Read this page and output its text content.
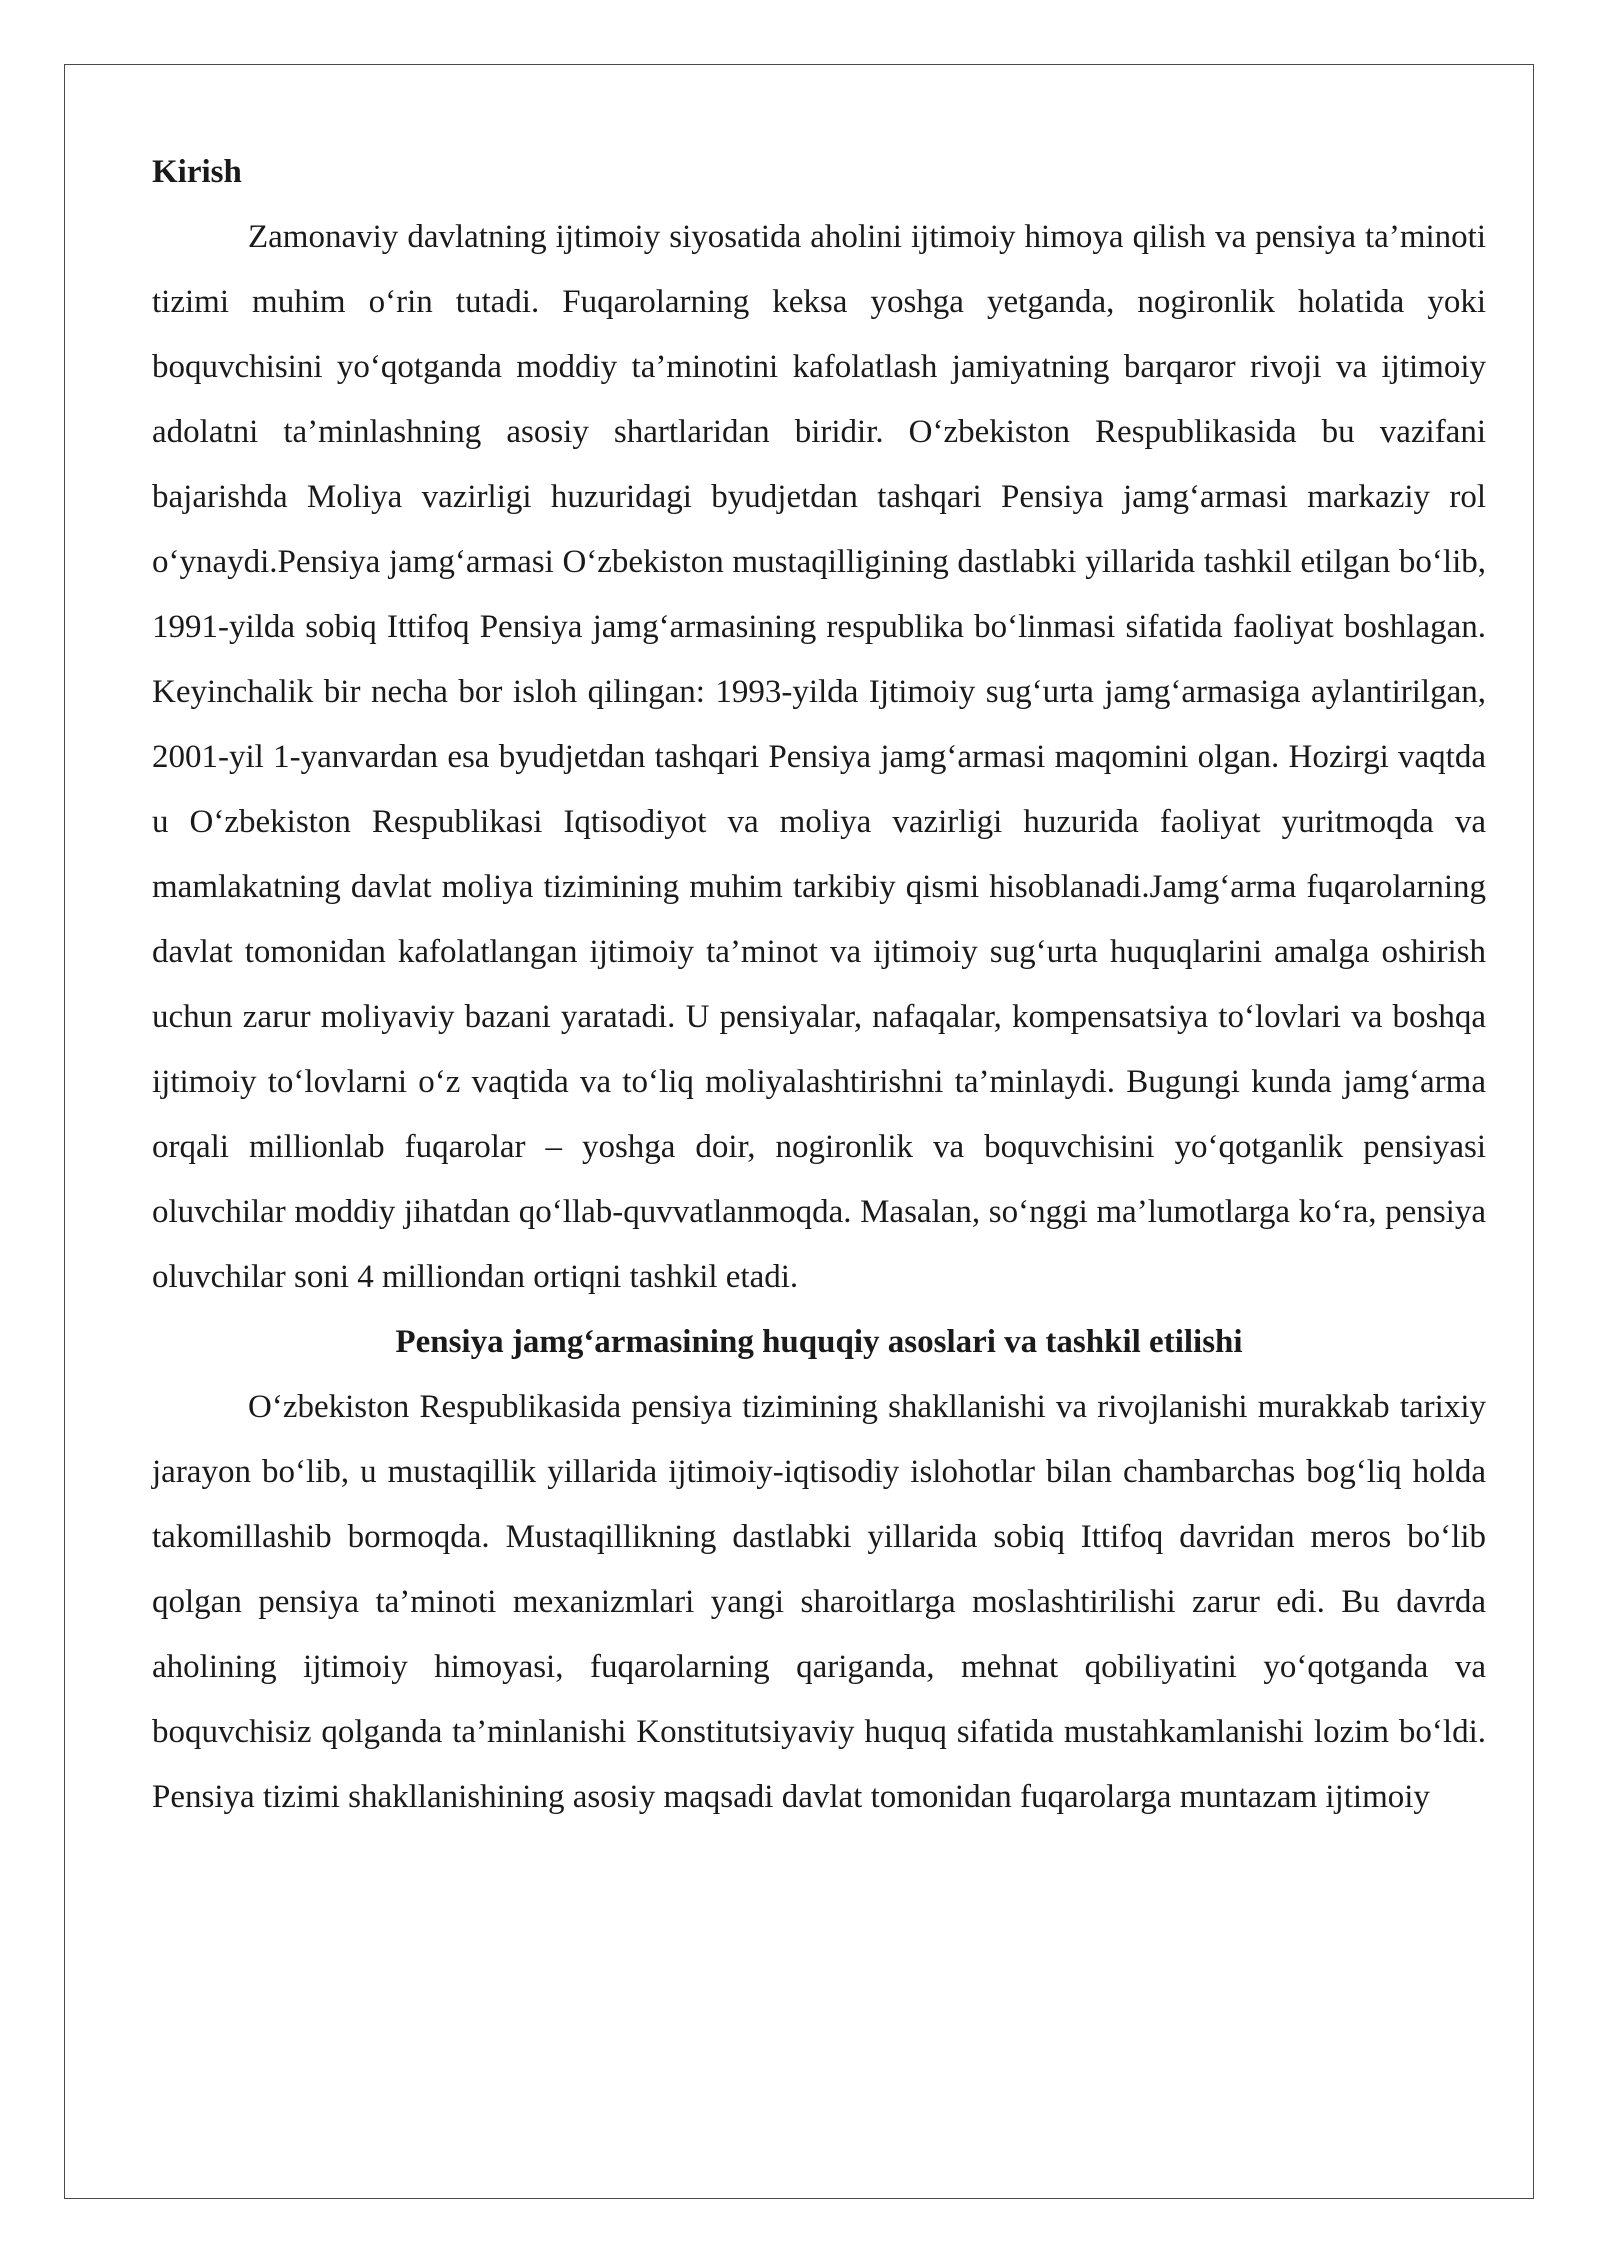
Kirish

Zamonaviy davlatning ijtimoiy siyosatida aholini ijtimoiy himoya qilish va pensiya ta’minoti tizimi muhim o‘rin tutadi. Fuqarolarning keksa yoshga yetganda, nogironlik holatida yoki boquvchisini yo‘qotganda moddiy ta’minotini kafolatlash jamiyatning barqaror rivoji va ijtimoiy adolatni ta’minlashning asosiy shartlaridan biridir. O‘zbekiston Respublikasida bu vazifani bajarishda Moliya vazirligi huzuridagi byudjetdan tashqari Pensiya jamg‘armasi markaziy rol o‘ynaydi.Pensiya jamg‘armasi O‘zbekiston mustaqilligining dastlabki yillarida tashkil etilgan bo‘lib, 1991-yilda sobiq Ittifoq Pensiya jamg‘armasining respublika bo‘linmasi sifatida faoliyat boshlagan. Keyinchalik bir necha bor isloh qilingan: 1993-yilda Ijtimoiy sug‘urta jamg‘armasiga aylantirilgan, 2001-yil 1-yanvardan esa byudjetdan tashqari Pensiya jamg‘armasi maqomini olgan. Hozirgi vaqtda u O‘zbekiston Respublikasi Iqtisodiyot va moliya vazirligi huzurida faoliyat yuritmoqda va mamlakatning davlat moliya tizimining muhim tarkibiy qismi hisoblanadi.Jamg‘arma fuqarolarning davlat tomonidan kafolatlangan ijtimoiy ta’minot va ijtimoiy sug‘urta huquqlarini amalga oshirish uchun zarur moliyaviy bazani yaratadi. U pensiyalar, nafaqalar, kompensatsiya to‘lovlari va boshqa ijtimoiy to‘lovlarni o‘z vaqtida va to‘liq moliyalashtirishni ta’minlaydi. Bugungi kunda jamg‘arma orqali millionlab fuqarolar – yoshga doir, nogironlik va boquvchisini yo‘qotganlik pensiyasi oluvchilar moddiy jihatdan qo‘llab-quvvatlanmoqda. Masalan, so‘nggi ma’lumotlarga ko‘ra, pensiya oluvchilar soni 4 milliondan ortiqni tashkil etadi.

Pensiya jamg‘armasining huquqiy asoslari va tashkil etilishi

O‘zbekiston Respublikasida pensiya tizimining shakllanishi va rivojlanishi murakkab tarixiy jarayon bo‘lib, u mustaqillik yillarida ijtimoiy-iqtisodiy islohotlar bilan chambarchas bog‘liq holda takomillashib bormoqda. Mustaqillikning dastlabki yillarida sobiq Ittifoq davridan meros bo‘lib qolgan pensiya ta’minoti mexanizmlari yangi sharoitlarga moslashtirilishi zarur edi. Bu davrda aholining ijtimoiy himoyasi, fuqarolarning qariganda, mehnat qobiliyatini yo‘qotganda va boquvchisiz qolganda ta’minlanishi Konstitutsiyaviy huquq sifatida mustahkamlanishi lozim bo‘ldi. Pensiya tizimi shakllanishining asosiy maqsadi davlat tomonidan fuqarolarga muntazam ijtimoiy
